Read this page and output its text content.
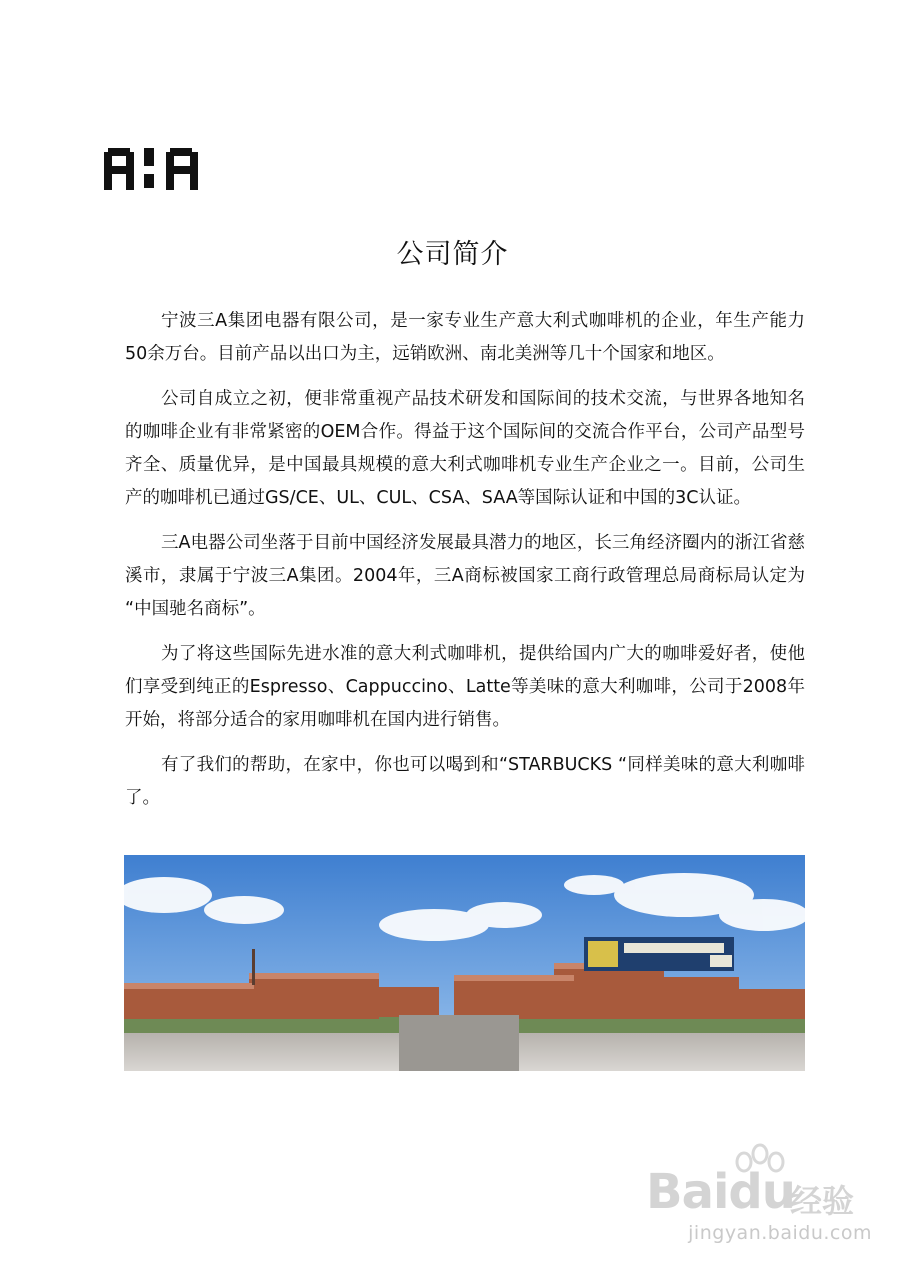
公司简介

宁波三A集团电器有限公司，是一家专业生产意大利式咖啡机的企业，年生产能力50余万台。目前产品以出口为主，远销欧洲、南北美洲等几十个国家和地区。

公司自成立之初，便非常重视产品技术研发和国际间的技术交流，与世界各地知名的咖啡企业有非常紧密的OEM合作。得益于这个国际间的交流合作平台，公司产品型号齐全、质量优异，是中国最具规模的意大利式咖啡机专业生产企业之一。目前，公司生产的咖啡机已通过GS/CE、UL、CUL、CSA、SAA等国际认证和中国的3C认证。

三A电器公司坐落于目前中国经济发展最具潜力的地区，长三角经济圈内的浙江省慈溪市，隶属于宁波三A集团。2004年，三A商标被国家工商行政管理总局商标局认定为 “中国驰名商标”。

为了将这些国际先进水准的意大利式咖啡机，提供给国内广大的咖啡爱好者，使他们享受到纯正的Espresso、Cappuccino、Latte等美味的意大利咖啡，公司于2008年开始，将部分适合的家用咖啡机在国内进行销售。

有了我们的帮助，在家中，你也可以喝到和“STARBUCKS “同样美味的意大利咖啡了。

Baidu
经验
jingyan.baidu.com
